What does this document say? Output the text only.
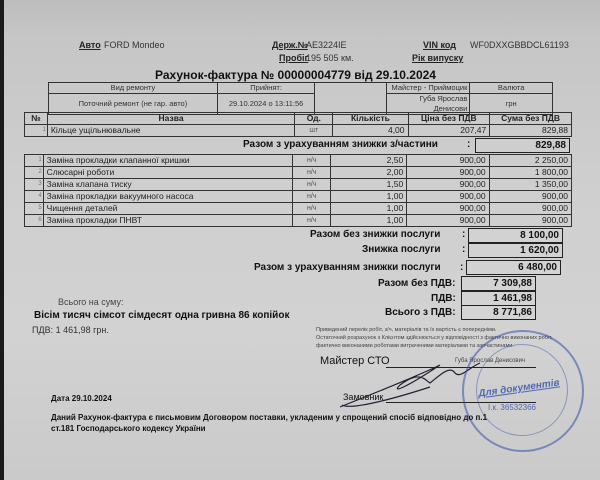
Авто FORD Mondeo	Держ.№
AE3224IE
Пробіг
195 505 км.
VIN код WF0DXXGBBDCL61193
Рік випуску
Рахунок-фактура № 00000004779 від 29.10.2024
Вид ремонту	Прийнят:		Майстер - Приймоцик	Валюта
Поточний ремонт (не гар. авто)	29.10.2024 о 13:11:56		Губа Ярослав Денисови	грн
№	Назва	Од.	Кількість	Ціна без ПДВ	Сума без ПДВ
1	Кільце ущільнювальне	шт	4,00	207,47	829,88
Разом з урахуванням знижки з/частини	:	829,88
1	Заміна прокладки клапанної кришки	н/ч	2,50	900,00	2 250,00
2	Слюсарні роботи	н/ч	2,00	900,00	1 800,00
3	Заміна клапана тиску	н/ч	1,50	900,00	1 350,00
4	Заміна прокладки вакуумного насоса	н/ч	1,00	900,00	900,00
5	Чищення деталей	н/ч	1,00	900,00	900,00
6	Заміна прокладки ПНВТ	н/ч	1,00	900,00	900,00
Разом без знижки послуги :	8 100,00
Знижка послуги :	1 620,00
Разом з урахуванням знижки послуги :	6 480,00
Разом без ПДВ:	7 309,88
ПДВ:	1 461,98
Всього з ПДВ:	8 771,86
Всього на суму:
Вісім тисяч сімсот сімдесят одна гривна 86 копійок
ПДВ: 1 461,98 грн.	Приведений перелік робіт, з/ч, матеріалів та їх вартість є попередніми.
Остаточний розрахунок з Клієнтом здійснюється у відповідності з фактично виконаних робіт,
фактично виконаними роботами витраченими матеріалами та запчастинами.
Майстер СТО	Губа Ярослав Денисович
Замовник	Для документів
І.к. 36532366
Дата 29.10.2024
Даний Рахунок-фактура є письмовим Договором поставки, укладеним у спрощений спосіб відповідно до п.1
ст.181 Господарського кодексу України
